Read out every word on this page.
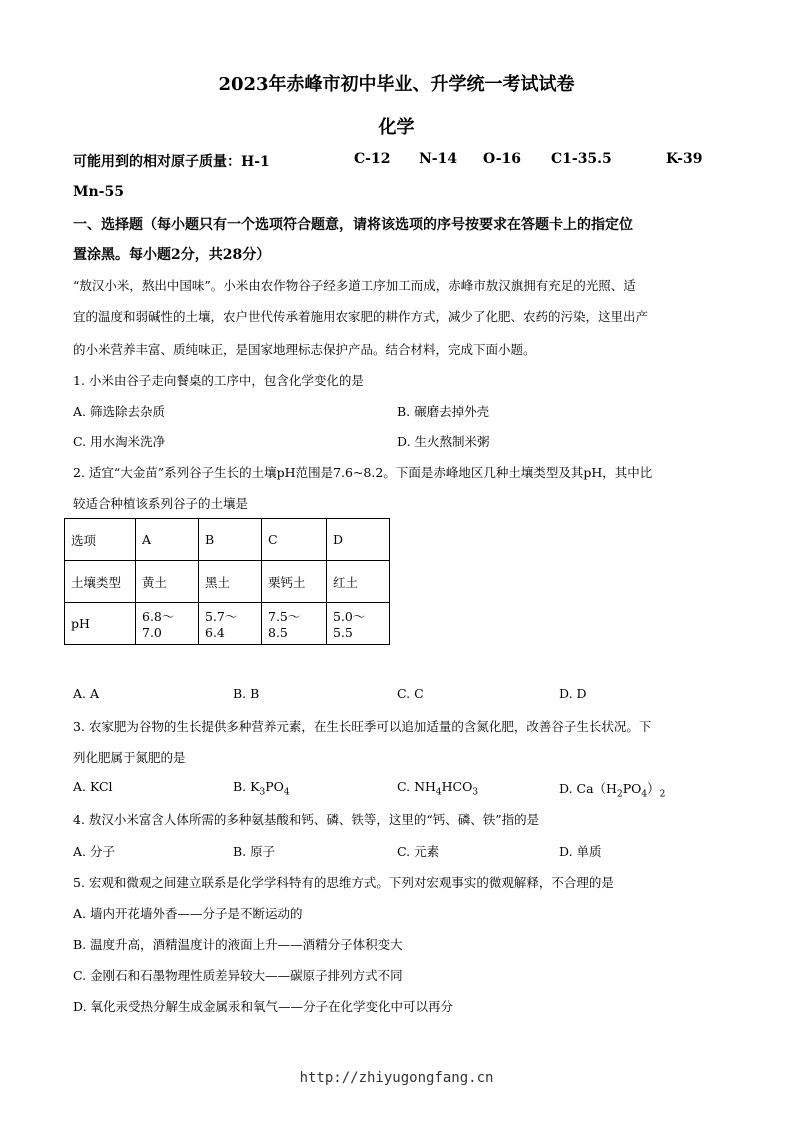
2023年赤峰市初中毕业、升学统一考试试卷
化学
可能用到的相对原子质量：H-1	C-12 N-14 O-16 C1-35.5	K-39
Mn-55
一、选择题（每小题只有一个选项符合题意，请将该选项的序号按要求在答题卡上的指定位
置涂黑。每小题2分，共28分）
“敖汉小米，熬出中国味”。小米由农作物谷子经多道工序加工而成，赤峰市敖汉旗拥有充足的光照、适
宜的温度和弱碱性的土壤，农户世代传承着施用农家肥的耕作方式，减少了化肥、农药的污染，这里出产
的小米营养丰富、质纯味正，是国家地理标志保护产品。结合材料，完成下面小题。
1. 小米由谷子走向餐桌的工序中，包含化学变化的是
A. 筛选除去杂质	B. 碾磨去掉外壳
C. 用水淘米洗净	D. 生火熬制米粥
2. 适宜“大金苗”系列谷子生长的土壤pH范围是7.6~8.2。下面是赤峰地区几种土壤类型及其pH，其中比
较适合种植该系列谷子的土壤是
选项	A	B	C	D
土壤类型	黄土	黑土	栗钙土	红土
pH	6.8～7.0	5.7～6.4	7.5～8.5	5.0～5.5
A. A	B. B	C. C	D. D
3. 农家肥为谷物的生长提供多种营养元素，在生长旺季可以追加适量的含氮化肥，改善谷子生长状况。下
列化肥属于氮肥的是
A. KCl	B. $K_3PO_4$	C. $NH_4HCO_3$	D. $Ca(H_2PO_4)_2$
4. 敖汉小米富含人体所需的多种氨基酸和钙、磷、铁等，这里的“钙、磷、铁”指的是
A. 分子	B. 原子	C. 元素	D. 单质
5. 宏观和微观之间建立联系是化学学科特有的思维方式。下列对宏观事实的微观解释，不合理的是
A. 墙内开花墙外香——分子是不断运动的
B. 温度升高，酒精温度计的液面上升——酒精分子体积变大
C. 金刚石和石墨物理性质差异较大——碳原子排列方式不同
D. 氧化汞受热分解生成金属汞和氧气——分子在化学变化中可以再分
http://zhiyugongfang.cn
